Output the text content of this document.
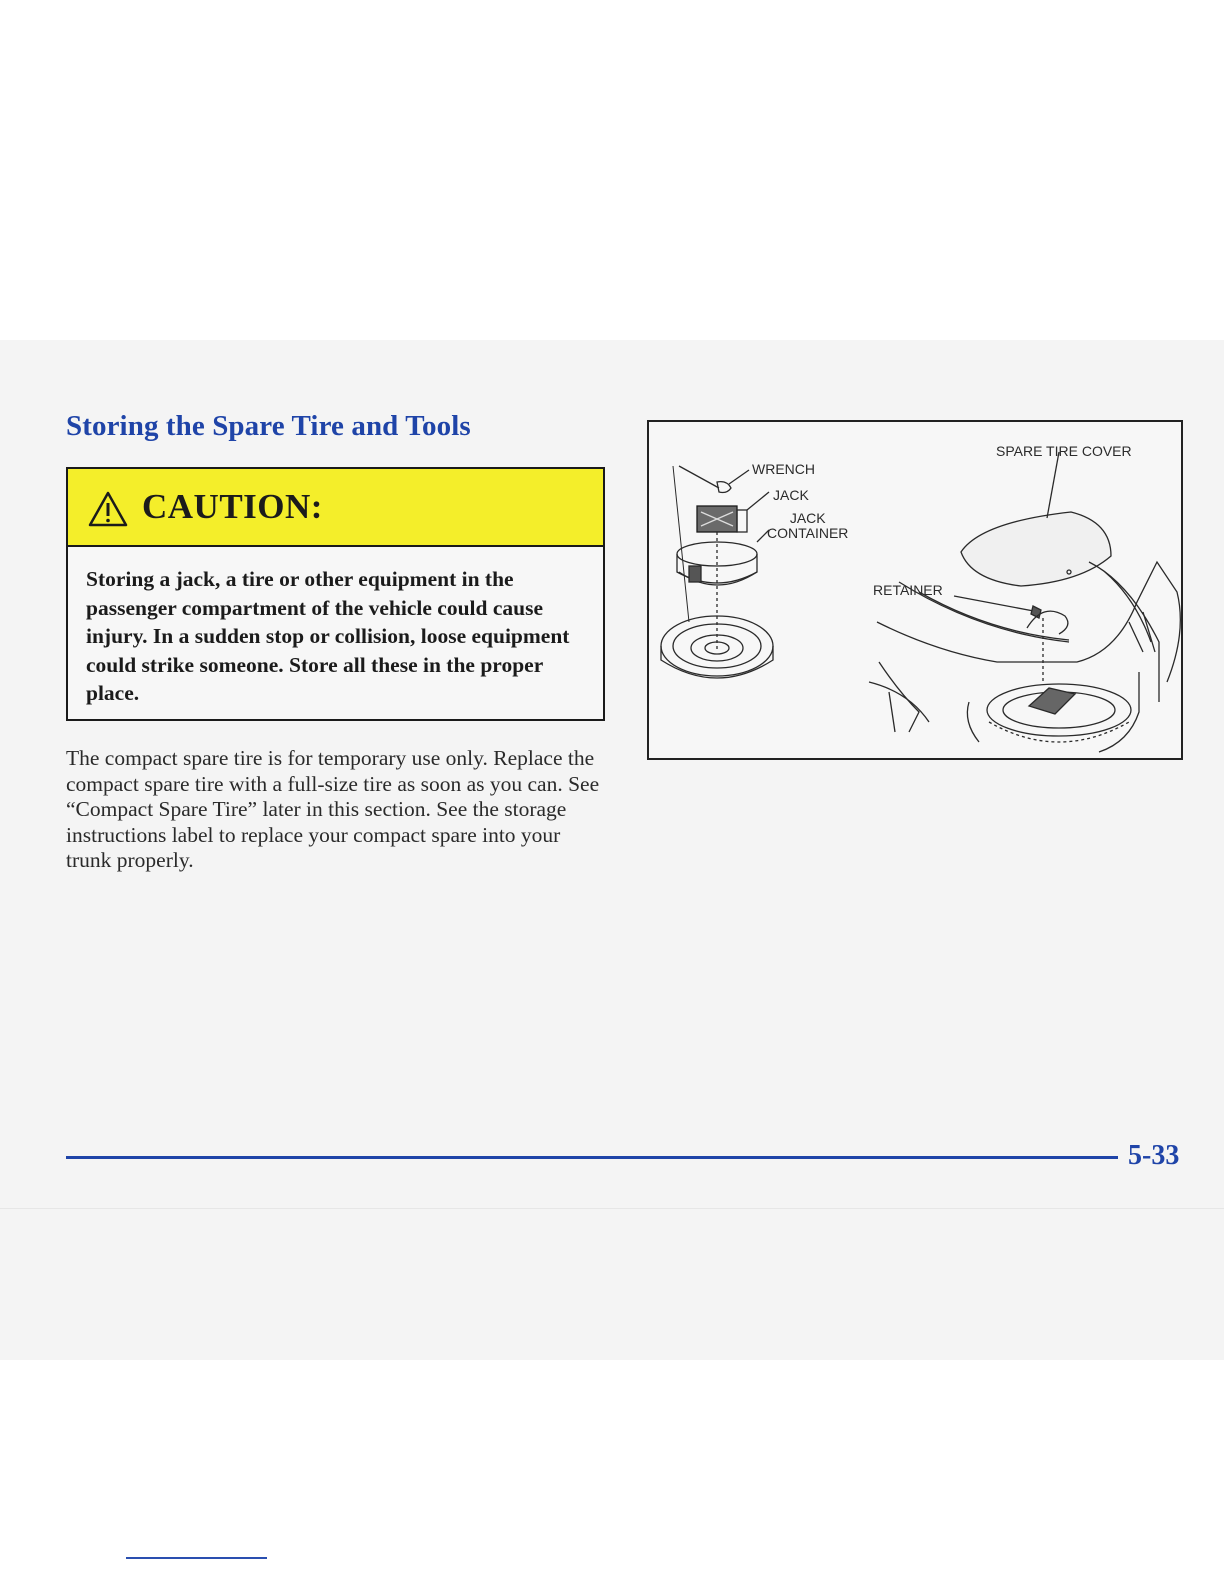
Storing the Spare Tire and Tools
CAUTION:

Storing a jack, a tire or other equipment in the passenger compartment of the vehicle could cause injury. In a sudden stop or collision, loose equipment could strike someone. Store all these in the proper place.

The compact spare tire is for temporary use only. Replace the compact spare tire with a full-size tire as soon as you can. See “Compact Spare Tire” later in this section. See the storage instructions label to replace your compact spare into your trunk properly.

WRENCH
JACK
JACK
CONTAINER
SPARE TIRE COVER
RETAINER
5-33
